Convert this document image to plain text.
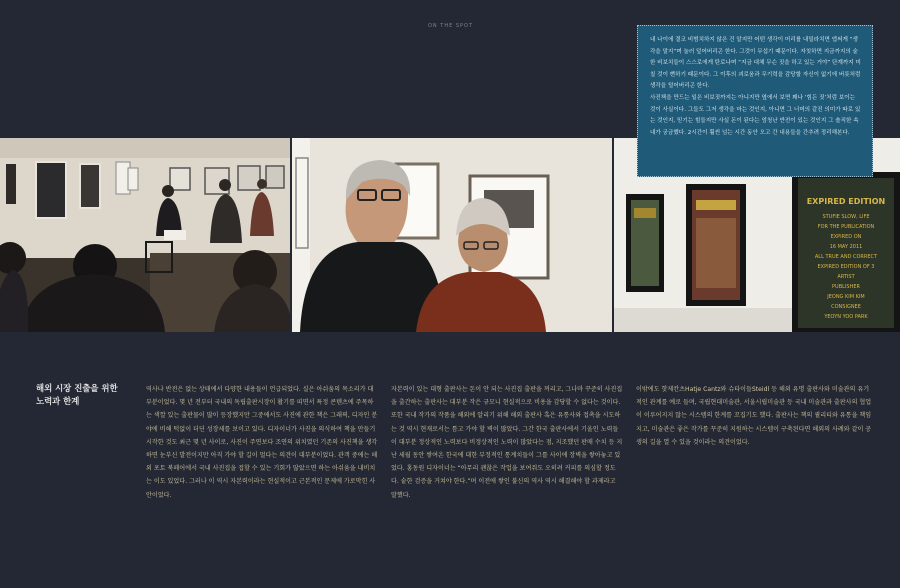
ON THE SPOT
EXPIRED EDITION
STUFIE SLOW, LIFE
FOR THE PUBLICATION
EXPIRED ON
16 MAY 2011
ALL TRUE AND CORRECT
EXPIRED EDITION OF 3
ARTIST
PUBLISHER
JEONG KIM KIM
CONSIGNEE
YEOYN YOO PARK

내 나이에 결코 비범치하지 않은 건 알지만 어떤 생각이 머리를 내밀라치면 앱써게 “생각을 말지”며 눌러 덮어버리곤 한다. 그것이 무섭기 때문이다. 자칫하면 지금까지의 숱한 비보치들이 스스로에게 탄로나며 “지금 대체 무슨 짓을 하고 있는 거야” 단계까지 미칠 것이 뻔하기 때문이다. 그 이후의 괴로움과 무기력을 감당할 자신이 없기에 버릇처럼 생각을 털어버리곤 한다.

사진책을 만드는 일은 비보짓까지는 아니지만 옆에서 보면 꽤나 ‘힘든 짓’처럼 보이는 것이 사실이다. 그들도 그저 생각을 마는 것인지, 아니면 그 너머의 같진 의미가 따로 있는 것인지, 믿기는 힘들지만 사실 돈이 된다는 엄청난 반전이 있는 것인지 그 솔직한 속내가 궁금했다. 2시간이 훨씬 넘는 시간 동안 오고 간 내용들을 간추려 정리해본다.

해외 시장 진출을 위한
노력과 한계

역사나 반전은 없는 상태에서 다양한 내용들이 언급되었다. 실은 아쉬움의 목소리가 대부분이었다. 몇 년 전부터 국내의 독립출판시장이 활기를 띠면서 특정 콘텐츠에 주목하는 색깔 있는 출판물이 많이 등장했지만 그중에서도 사진에 관한 책은 그래픽, 디자인 분야에 비해 턱없이 더딘 성장세를 보이고 있다. 디자이너가 사진을 의식하여 책을 만들기 시작한 것도 최근 몇 년 사이로, 사진이 주연보다 조연의 위치였던 기존의 사진책을 생각하면 눈부신 발전이지만 아직 가야 할 길이 멀다는 의견이 대부분이었다. 관객 중에는 해외 포토 북페어에서 국내 사진집을 접할 수 있는 기회가 많았으면 하는 아쉬움을 내비치는 이도 있었다. 그러나 이 역시 자본력이라는 현실적이고 근본적인 문제에 가로막힌 사안이었다.

자본력이 있는 대형 출판사는 돈이 안 되는 사진집 출판을 꺼리고, 그나마 꾸준히 사진집을 출간하는 출판사는 대부분 작은 규모니 현실적으로 비용을 감당할 수 없다는 것이다. 또한 국내 작가의 작품을 해외에 알리기 위해 해외 출판사 혹은 유통사와 접촉을 시도하는 것 역시 현재로서는 틈고 가야 할 벽이 많았다. 그간 한국 출판사에서 기울인 노력들이 대부분 정상적인 노력보다 비정상적인 노력이 많았다는 점, 지조했던 판매 수치 등 지난 세월 동안 쌓여온 한국에 대한 부정적인 통계치들이 그를 사이에 장벽을 쌓아놓고 있었다. 홍동원 디자이너는 “아무리 괜찮은 작업을 보여줘도 오히려 커피를 의심할 정도다. 숱한 검증을 거쳐야 한다.”며 이전에 쌓인 불신의 역사 역시 해결해야 할 과제라고 말했다.

이밖에도 핫제칸츠Hatje Cantz와 슈타이들Steidl 등 해외 유명 출판사와 미술관의 유기적인 관계를 예로 들며, 국립현대미술관, 서울시립미술관 등 국내 미술관과 출판사의 협업이 이루어지지 않는 시스템의 한계를 꼬집기도 했다. 출판사는 책의 퀄리티와 유통을 책임지고, 미술관은 좋은 작가를 꾸준히 지원하는 시스템이 구축된다면 해외의 사례와 같이 공생의 길을 열 수 있을 것이라는 의견이었다.
